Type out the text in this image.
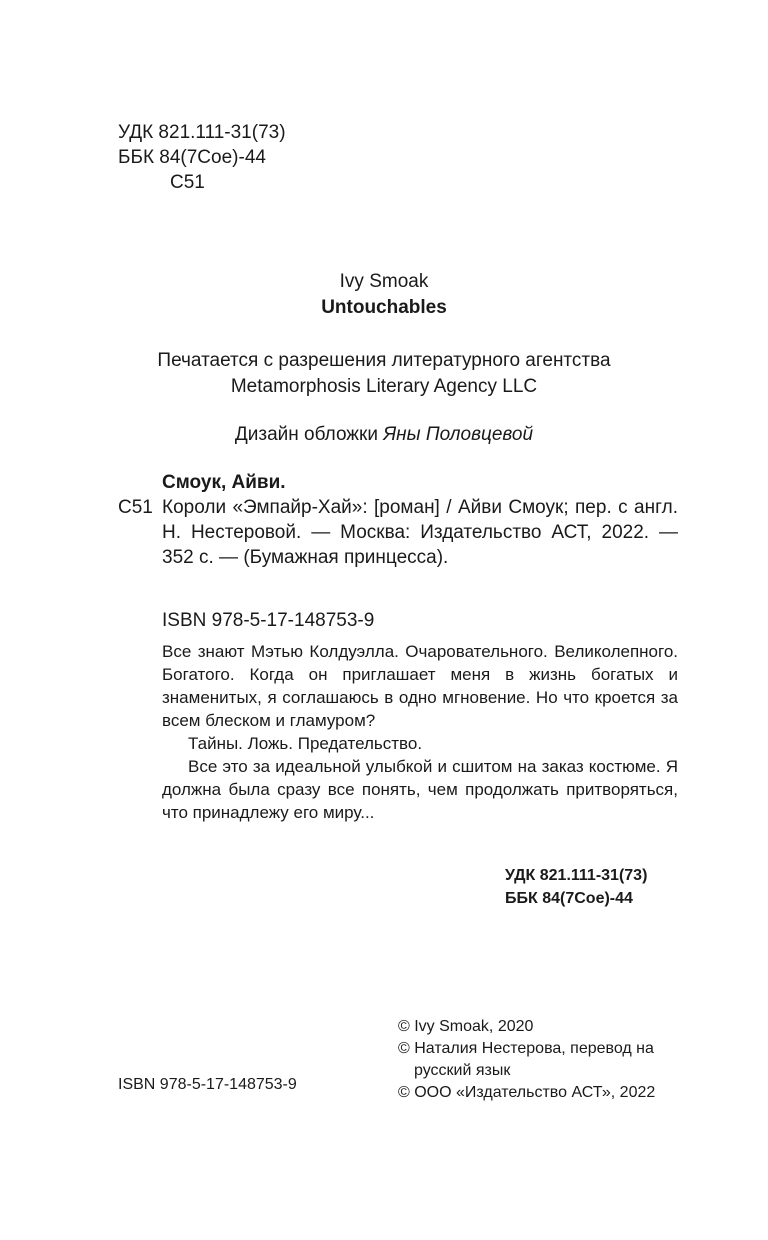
УДК 821.111-31(73)
ББК 84(7Сое)-44
С51
Ivy Smoak
Untouchables
Печатается с разрешения литературного агентства
Metamorphosis Literary Agency LLC
Дизайн обложки Яны Половцевой
Смоук, Айви.
С51 Короли «Эмпайр-Хай»: [роман] / Айви Смоук; пер. с англ. Н. Нестеровой. — Москва: Издательство АСТ, 2022. — 352 с. — (Бумажная принцесса).
ISBN 978-5-17-148753-9

Все знают Мэтью Колдуэлла. Очаровательного. Великолепного. Богатого. Когда он приглашает меня в жизнь богатых и знаменитых, я соглашаюсь в одно мгновение. Но что кроется за всем блеском и гламуром?

Тайны. Ложь. Предательство.

Все это за идеальной улыбкой и сшитом на заказ костюме. Я должна была сразу все понять, чем продолжать притворяться, что принадлежу его миру...

УДК 821.111-31(73)
ББК 84(7Сое)-44
© Ivy Smoak, 2020
© Наталия Нестерова, перевод на русский язык
© ООО «Издательство АСТ», 2022
ISBN 978-5-17-148753-9
